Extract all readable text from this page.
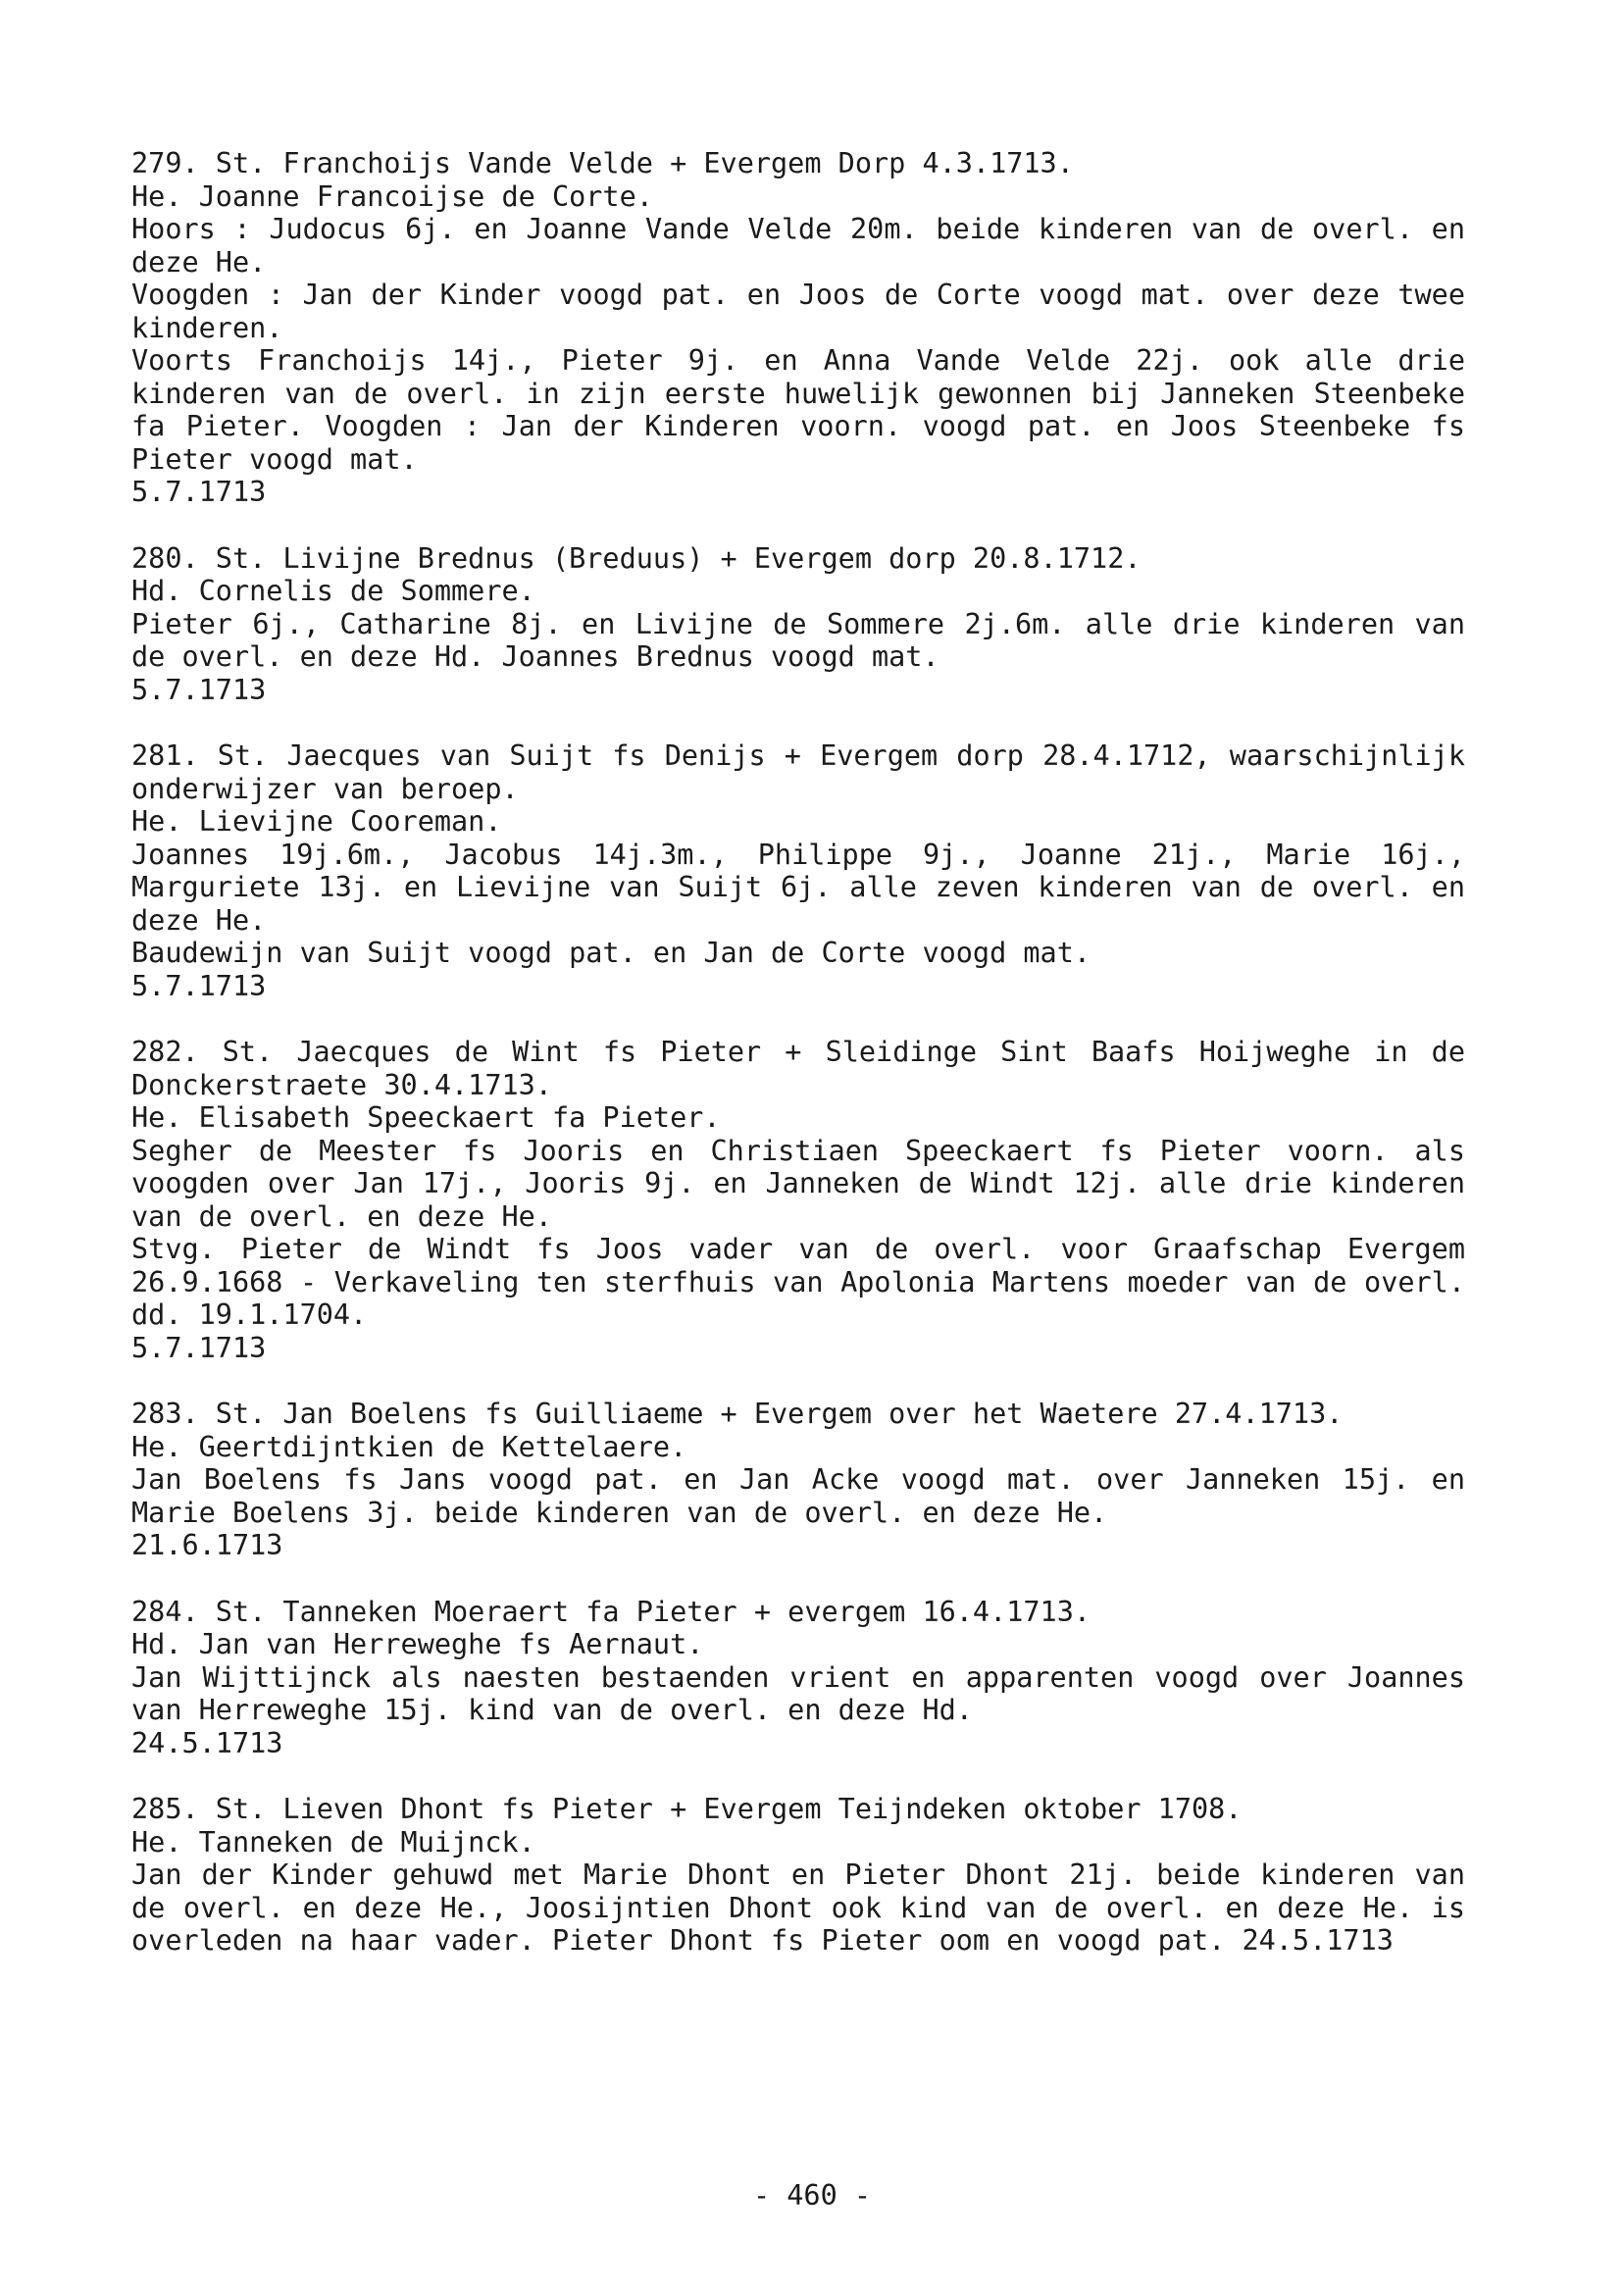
279. St. Franchoijs Vande Velde + Evergem Dorp 4.3.1713.
He. Joanne Francoijse de Corte.
Hoors : Judocus 6j. en Joanne Vande Velde 20m. beide kinderen van de overl. en deze He.
Voogden : Jan der Kinder voogd pat. en Joos de Corte voogd mat. over deze twee kinderen.
Voorts Franchoijs 14j., Pieter 9j. en Anna Vande Velde 22j. ook alle drie kinderen van de overl. in zijn eerste huwelijk gewonnen bij Janneken Steenbeke fa Pieter. Voogden : Jan der Kinderen voorn. voogd pat. en Joos Steenbeke fs Pieter voogd mat.
5.7.1713
280. St. Livijne Brednus (Breduus) + Evergem dorp 20.8.1712.
Hd. Cornelis de Sommere.
Pieter 6j., Catharine 8j. en Livijne de Sommere 2j.6m. alle drie kinderen van de overl. en deze Hd. Joannes Brednus voogd mat.
5.7.1713
281. St. Jaecques van Suijt fs Denijs + Evergem dorp 28.4.1712, waarschijnlijk onderwijzer van beroep.
He. Lievijne Cooreman.
Joannes 19j.6m., Jacobus 14j.3m., Philippe 9j., Joanne 21j., Marie 16j., Marguriete 13j. en Lievijne van Suijt 6j. alle zeven kinderen van de overl. en deze He.
Baudewijn van Suijt voogd pat. en Jan de Corte voogd mat.
5.7.1713
282. St. Jaecques de Wint fs Pieter + Sleidinge Sint Baafs Hoijweghe in de Donckerstraete 30.4.1713.
He. Elisabeth Speeckaert fa Pieter.
Segher de Meester fs Jooris en Christiaen Speeckaert fs Pieter voorn. als voogden over Jan 17j., Jooris 9j. en Janneken de Windt 12j. alle drie kinderen van de overl. en deze He.
Stvg. Pieter de Windt fs Joos vader van de overl. voor Graafschap Evergem 26.9.1668 - Verkaveling ten sterfhuis van Apolonia Martens moeder van de overl. dd. 19.1.1704.
5.7.1713
283. St. Jan Boelens fs Guilliaeme + Evergem over het Waetere 27.4.1713.
He. Geertdijntkien de Kettelaere.
Jan Boelens fs Jans voogd pat. en Jan Acke voogd mat. over Janneken 15j. en Marie Boelens 3j. beide kinderen van de overl. en deze He.
21.6.1713
284. St. Tanneken Moeraert fa Pieter + evergem 16.4.1713.
Hd. Jan van Herreweghe fs Aernaut.
Jan Wijttijnck als naesten bestaenden vrient en apparenten voogd over Joannes van Herreweghe 15j. kind van de overl. en deze Hd.
24.5.1713
285. St. Lieven Dhont fs Pieter + Evergem Teijndeken oktober 1708.
He. Tanneken de Muijnck.
Jan der Kinder gehuwd met Marie Dhont en Pieter Dhont 21j. beide kinderen van de overl. en deze He., Joosijntien Dhont ook kind van de overl. en deze He. is overleden na haar vader. Pieter Dhont fs Pieter oom en voogd pat. 24.5.1713
- 460 -
